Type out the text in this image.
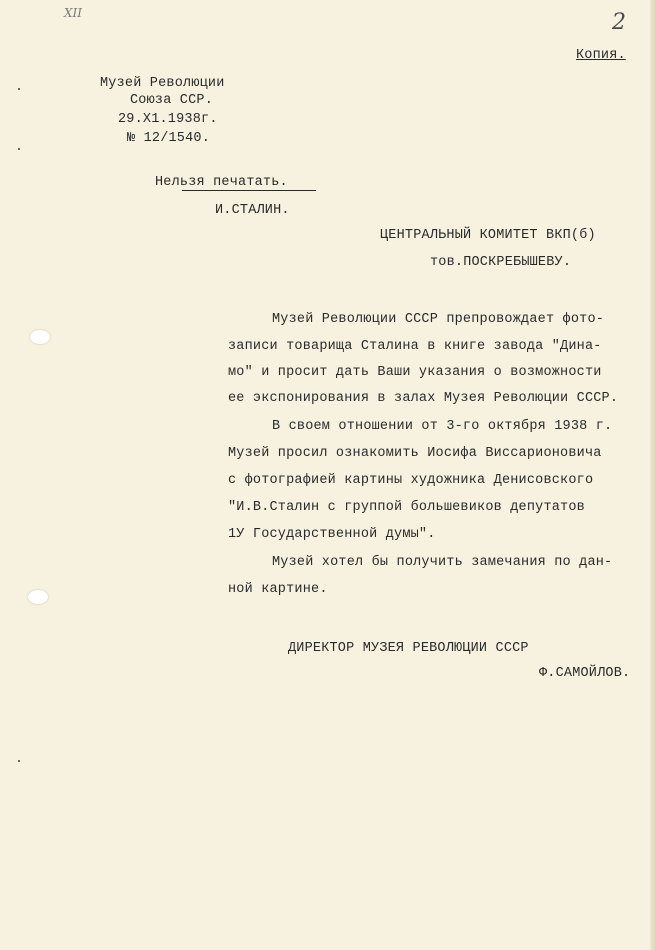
ХII	2
Копия.
Музей Революции
Союза ССР.
29.Х1.1938г.
№ 12/1540.
Нельзя печатать.
И.СТАЛИН.
ЦЕНТРАЛЬНЫЙ КОМИТЕТ ВКП(б)
тов.ПОСКРЕБЫШЕВУ.
Музей Революции СССР препровождает фото-
записи товарища Сталина в книге завода "Дина-
мо" и просит дать Ваши указания о возможности
ее экспонирования в залах Музея Революции СССР.
В своем отношении от 3-го октября 1938 г.
Музей просил ознакомить Иосифа Виссарионовича
с фотографией картины художника Денисовского
"И.В.Сталин с группой большевиков депутатов
1У Государственной думы".
Музей хотел бы получить замечания по дан-
ной картине.
ДИРЕКТОР МУЗЕЯ РЕВОЛЮЦИИ СССР
Ф.САМОЙЛОВ.
